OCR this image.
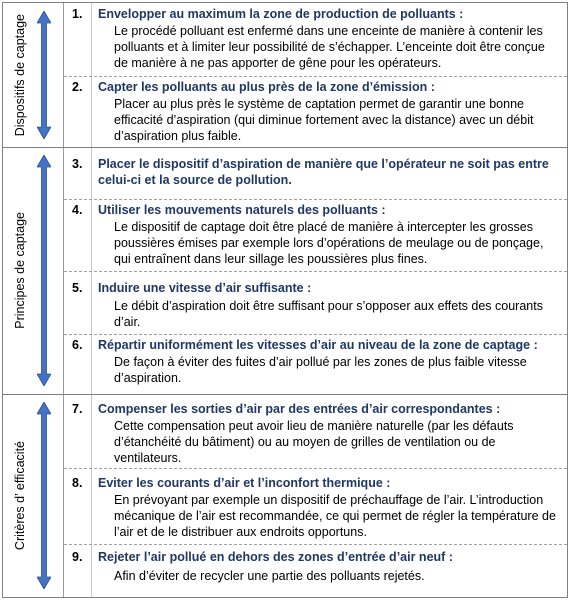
Dispositifs de captage
Principes de captage
Critères d’ efficacité
1. Envelopper au maximum la zone de production de polluants :
Le procédé polluant est enfermé dans une enceinte de manière à contenir les polluants et à limiter leur possibilité de s’échapper. L’enceinte doit être conçue de manière à ne pas apporter de gêne pour les opérateurs.
2. Capter les polluants au plus près de la zone d’émission :
Placer au plus près le système de captation permet de garantir une bonne efficacité d’aspiration (qui diminue fortement avec la distance) avec un débit d’aspiration plus faible.
3. Placer le dispositif d’aspiration de manière que l’opérateur ne soit pas entre celui-ci et la source de pollution.
4. Utiliser les mouvements naturels des polluants :
Le dispositif de captage doit être placé de manière à intercepter les grosses poussières émises par exemple lors d’opérations de meulage ou de ponçage, qui entraînent dans leur sillage les poussières plus fines.
5. Induire une vitesse d’air suffisante :
Le débit d’aspiration doit être suffisant pour s’opposer aux effets des courants d’air.
6. Répartir uniformément les vitesses d’air au niveau de la zone de captage :
De façon à éviter des fuites d’air pollué par les zones de plus faible vitesse d’aspiration.
7. Compenser les sorties d’air par des entrées d’air correspondantes :
Cette compensation peut avoir lieu de manière naturelle (par les défauts d’étanchéité du bâtiment) ou au moyen de grilles de ventilation ou de ventilateurs.
8. Eviter les courants d’air et l’inconfort thermique :
En prévoyant par exemple un dispositif de préchauffage de l’air. L’introduction mécanique de l’air est recommandée, ce qui permet de régler la température de l’air et de le distribuer aux endroits opportuns.
9. Rejeter l’air pollué en dehors des zones d’entrée d’air neuf :
Afin d’éviter de recycler une partie des polluants rejetés.
